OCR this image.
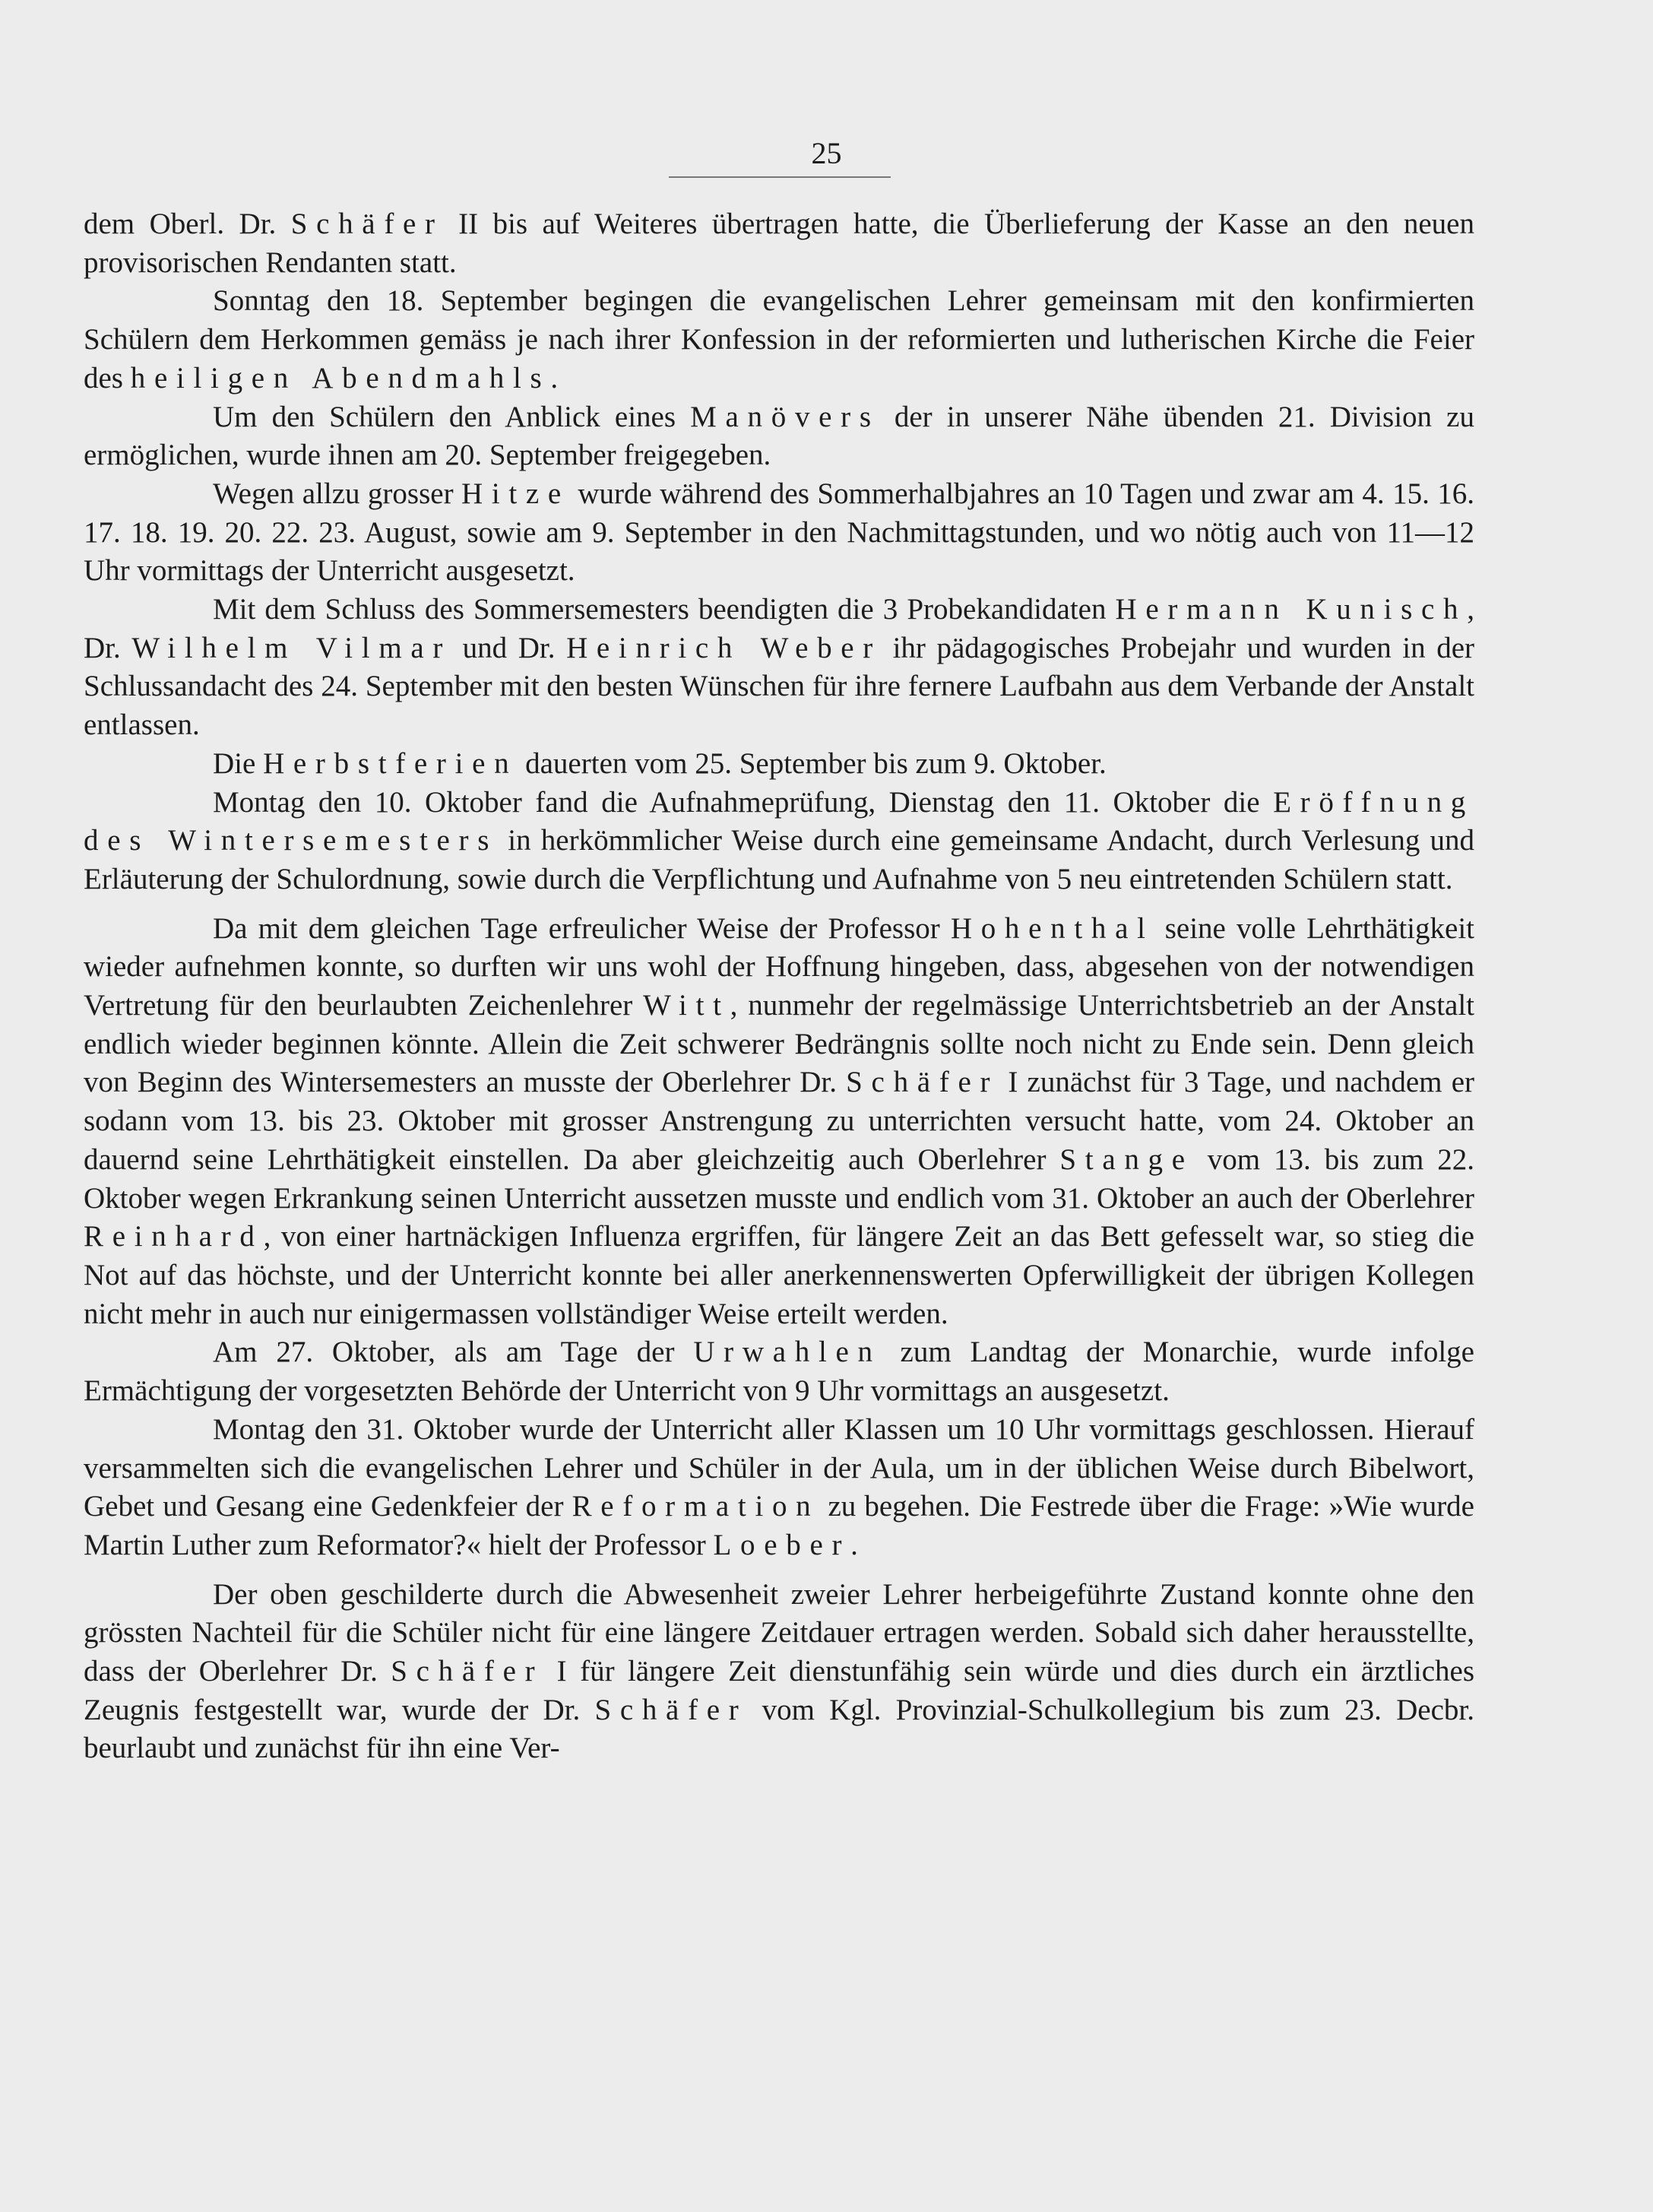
25

dem Oberl. Dr. Schäfer II bis auf Weiteres übertragen hatte, die Überlieferung der Kasse an den neuen provisorischen Rendanten statt.

Sonntag den 18. September begingen die evangelischen Lehrer gemeinsam mit den konfirmierten Schülern dem Herkommen gemäss je nach ihrer Konfession in der reformierten und lutherischen Kirche die Feier des heiligen Abendmahls.

Um den Schülern den Anblick eines Manövers der in unserer Nähe übenden 21. Division zu ermöglichen, wurde ihnen am 20. September freigegeben.

Wegen allzu grosser Hitze wurde während des Sommerhalbjahres an 10 Tagen und zwar am 4. 15. 16. 17. 18. 19. 20. 22. 23. August, sowie am 9. September in den Nachmittagstunden, und wo nötig auch von 11—12 Uhr vormittags der Unterricht ausgesetzt.

Mit dem Schluss des Sommersemesters beendigten die 3 Probekandidaten Hermann Kunisch, Dr. Wilhelm Vilmar und Dr. Heinrich Weber ihr pädagogisches Probejahr und wurden in der Schlussandacht des 24. September mit den besten Wünschen für ihre fernere Laufbahn aus dem Verbande der Anstalt entlassen.

Die Herbstferien dauerten vom 25. September bis zum 9. Oktober.

Montag den 10. Oktober fand die Aufnahmeprüfung, Dienstag den 11. Oktober die Eröffnung des Wintersemesters in herkömmlicher Weise durch eine gemeinsame Andacht, durch Verlesung und Erläuterung der Schulordnung, sowie durch die Verpflichtung und Aufnahme von 5 neu eintretenden Schülern statt.

Da mit dem gleichen Tage erfreulicher Weise der Professor Hohenthal seine volle Lehrthätigkeit wieder aufnehmen konnte, so durften wir uns wohl der Hoffnung hingeben, dass, abgesehen von der notwendigen Vertretung für den beurlaubten Zeichenlehrer Witt, nunmehr der regelmässige Unterrichtsbetrieb an der Anstalt endlich wieder beginnen könnte. Allein die Zeit schwerer Bedrängnis sollte noch nicht zu Ende sein. Denn gleich von Beginn des Wintersemesters an musste der Oberlehrer Dr. Schäfer I zunächst für 3 Tage, und nachdem er sodann vom 13. bis 23. Oktober mit grosser Anstrengung zu unterrichten versucht hatte, vom 24. Oktober an dauernd seine Lehrthätigkeit einstellen. Da aber gleichzeitig auch Oberlehrer Stange vom 13. bis zum 22. Oktober wegen Erkrankung seinen Unterricht aussetzen musste und endlich vom 31. Oktober an auch der Oberlehrer Reinhard, von einer hartnäckigen Influenza ergriffen, für längere Zeit an das Bett gefesselt war, so stieg die Not auf das höchste, und der Unterricht konnte bei aller anerkennenswerten Opferwilligkeit der übrigen Kollegen nicht mehr in auch nur einigermassen vollständiger Weise erteilt werden.

Am 27. Oktober, als am Tage der Urwahlen zum Landtag der Monarchie, wurde infolge Ermächtigung der vorgesetzten Behörde der Unterricht von 9 Uhr vormittags an ausgesetzt.

Montag den 31. Oktober wurde der Unterricht aller Klassen um 10 Uhr vormittags geschlossen. Hierauf versammelten sich die evangelischen Lehrer und Schüler in der Aula, um in der üblichen Weise durch Bibelwort, Gebet und Gesang eine Gedenkfeier der Reformation zu begehen. Die Festrede über die Frage: »Wie wurde Martin Luther zum Reformator?« hielt der Professor Loeber.

Der oben geschilderte durch die Abwesenheit zweier Lehrer herbeigeführte Zustand konnte ohne den grössten Nachteil für die Schüler nicht für eine längere Zeitdauer ertragen werden. Sobald sich daher herausstellte, dass der Oberlehrer Dr. Schäfer I für längere Zeit dienstunfähig sein würde und dies durch ein ärztliches Zeugnis festgestellt war, wurde der Dr. Schäfer vom Kgl. Provinzial-Schulkollegium bis zum 23. Decbr. beurlaubt und zunächst für ihn eine Ver-
